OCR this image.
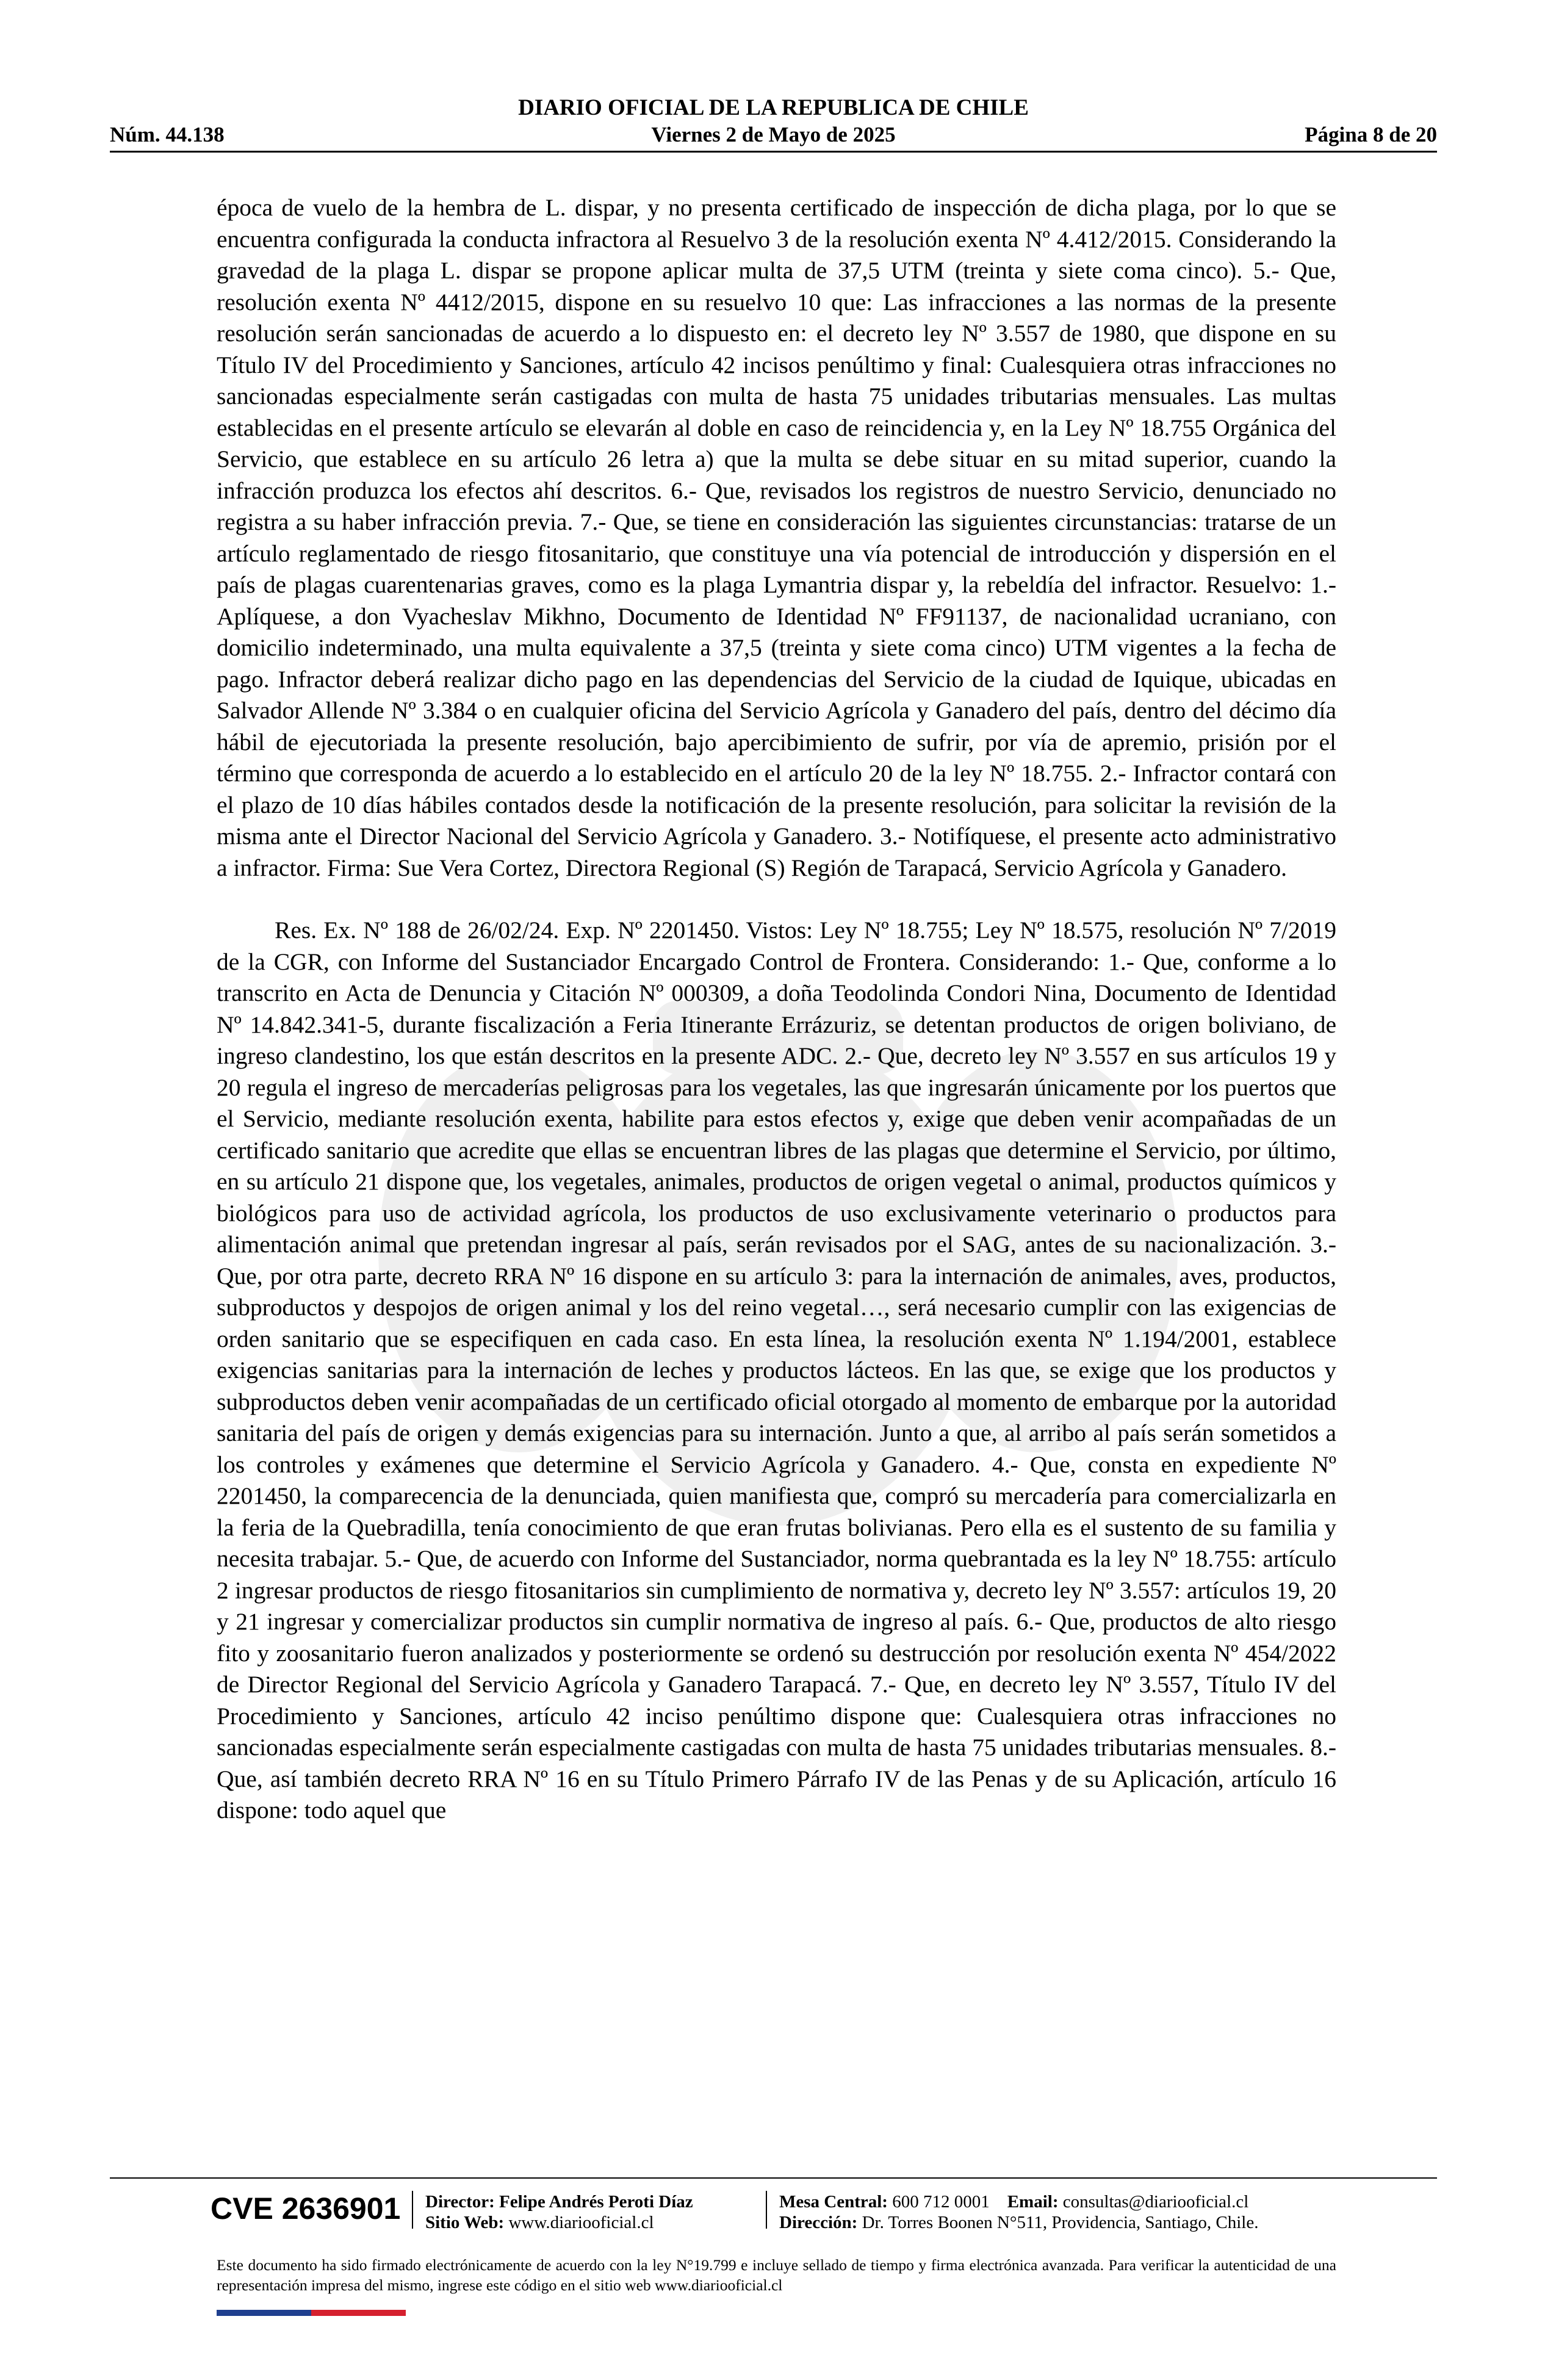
DIARIO OFICIAL DE LA REPUBLICA DE CHILE
Núm. 44.138	Viernes 2 de Mayo de 2025	Página 8 de 20

época de vuelo de la hembra de L. dispar, y no presenta certificado de inspección de dicha plaga, por lo que se encuentra configurada la conducta infractora al Resuelvo 3 de la resolución exenta Nº 4.412/2015. Considerando la gravedad de la plaga L. dispar se propone aplicar multa de 37,5 UTM (treinta y siete coma cinco). 5.- Que, resolución exenta Nº 4412/2015, dispone en su resuelvo 10 que: Las infracciones a las normas de la presente resolución serán sancionadas de acuerdo a lo dispuesto en: el decreto ley Nº 3.557 de 1980, que dispone en su Título IV del Procedimiento y Sanciones, artículo 42 incisos penúltimo y final: Cualesquiera otras infracciones no sancionadas especialmente serán castigadas con multa de hasta 75 unidades tributarias mensuales. Las multas establecidas en el presente artículo se elevarán al doble en caso de reincidencia y, en la Ley Nº 18.755 Orgánica del Servicio, que establece en su artículo 26 letra a) que la multa se debe situar en su mitad superior, cuando la infracción produzca los efectos ahí descritos. 6.- Que, revisados los registros de nuestro Servicio, denunciado no registra a su haber infracción previa. 7.- Que, se tiene en consideración las siguientes circunstancias: tratarse de un artículo reglamentado de riesgo fitosanitario, que constituye una vía potencial de introducción y dispersión en el país de plagas cuarentenarias graves, como es la plaga Lymantria dispar y, la rebeldía del infractor. Resuelvo: 1.- Aplíquese, a don Vyacheslav Mikhno, Documento de Identidad Nº FF91137, de nacionalidad ucraniano, con domicilio indeterminado, una multa equivalente a 37,5 (treinta y siete coma cinco) UTM vigentes a la fecha de pago. Infractor deberá realizar dicho pago en las dependencias del Servicio de la ciudad de Iquique, ubicadas en Salvador Allende Nº 3.384 o en cualquier oficina del Servicio Agrícola y Ganadero del país, dentro del décimo día hábil de ejecutoriada la presente resolución, bajo apercibimiento de sufrir, por vía de apremio, prisión por el término que corresponda de acuerdo a lo establecido en el artículo 20 de la ley Nº 18.755. 2.- Infractor contará con el plazo de 10 días hábiles contados desde la notificación de la presente resolución, para solicitar la revisión de la misma ante el Director Nacional del Servicio Agrícola y Ganadero. 3.- Notifíquese, el presente acto administrativo a infractor. Firma: Sue Vera Cortez, Directora Regional (S) Región de Tarapacá, Servicio Agrícola y Ganadero.

Res. Ex. Nº 188 de 26/02/24. Exp. Nº 2201450. Vistos: Ley Nº 18.755; Ley Nº 18.575, resolución Nº 7/2019 de la CGR, con Informe del Sustanciador Encargado Control de Frontera. Considerando: 1.- Que, conforme a lo transcrito en Acta de Denuncia y Citación Nº 000309, a doña Teodolinda Condori Nina, Documento de Identidad Nº 14.842.341-5, durante fiscalización a Feria Itinerante Errázuriz, se detentan productos de origen boliviano, de ingreso clandestino, los que están descritos en la presente ADC. 2.- Que, decreto ley Nº 3.557 en sus artículos 19 y 20 regula el ingreso de mercaderías peligrosas para los vegetales, las que ingresarán únicamente por los puertos que el Servicio, mediante resolución exenta, habilite para estos efectos y, exige que deben venir acompañadas de un certificado sanitario que acredite que ellas se encuentran libres de las plagas que determine el Servicio, por último, en su artículo 21 dispone que, los vegetales, animales, productos de origen vegetal o animal, productos químicos y biológicos para uso de actividad agrícola, los productos de uso exclusivamente veterinario o productos para alimentación animal que pretendan ingresar al país, serán revisados por el SAG, antes de su nacionalización. 3.- Que, por otra parte, decreto RRA Nº 16 dispone en su artículo 3: para la internación de animales, aves, productos, subproductos y despojos de origen animal y los del reino vegetal…, será necesario cumplir con las exigencias de orden sanitario que se especifiquen en cada caso. En esta línea, la resolución exenta Nº 1.194/2001, establece exigencias sanitarias para la internación de leches y productos lácteos. En las que, se exige que los productos y subproductos deben venir acompañadas de un certificado oficial otorgado al momento de embarque por la autoridad sanitaria del país de origen y demás exigencias para su internación. Junto a que, al arribo al país serán sometidos a los controles y exámenes que determine el Servicio Agrícola y Ganadero. 4.- Que, consta en expediente Nº 2201450, la comparecencia de la denunciada, quien manifiesta que, compró su mercadería para comercializarla en la feria de la Quebradilla, tenía conocimiento de que eran frutas bolivianas. Pero ella es el sustento de su familia y necesita trabajar. 5.- Que, de acuerdo con Informe del Sustanciador, norma quebrantada es la ley Nº 18.755: artículo 2 ingresar productos de riesgo fitosanitarios sin cumplimiento de normativa y, decreto ley Nº 3.557: artículos 19, 20 y 21 ingresar y comercializar productos sin cumplir normativa de ingreso al país. 6.- Que, productos de alto riesgo fito y zoosanitario fueron analizados y posteriormente se ordenó su destrucción por resolución exenta Nº 454/2022 de Director Regional del Servicio Agrícola y Ganadero Tarapacá. 7.- Que, en decreto ley Nº 3.557, Título IV del Procedimiento y Sanciones, artículo 42 inciso penúltimo dispone que: Cualesquiera otras infracciones no sancionadas especialmente serán especialmente castigadas con multa de hasta 75 unidades tributarias mensuales. 8.- Que, así también decreto RRA Nº 16 en su Título Primero Párrafo IV de las Penas y de su Aplicación, artículo 16 dispone: todo aquel que

CVE 2636901 Director: Felipe Andrés Peroti Díaz
Sitio Web: www.diariooficial.cl
Mesa Central: 600 712 0001 Email: consultas@diariooficial.cl
Dirección: Dr. Torres Boonen N°511, Providencia, Santiago, Chile.
Este documento ha sido firmado electrónicamente de acuerdo con la ley N°19.799 e incluye sellado de tiempo y firma electrónica avanzada. Para verificar la autenticidad de una representación impresa del mismo, ingrese este código en el sitio web www.diariooficial.cl
